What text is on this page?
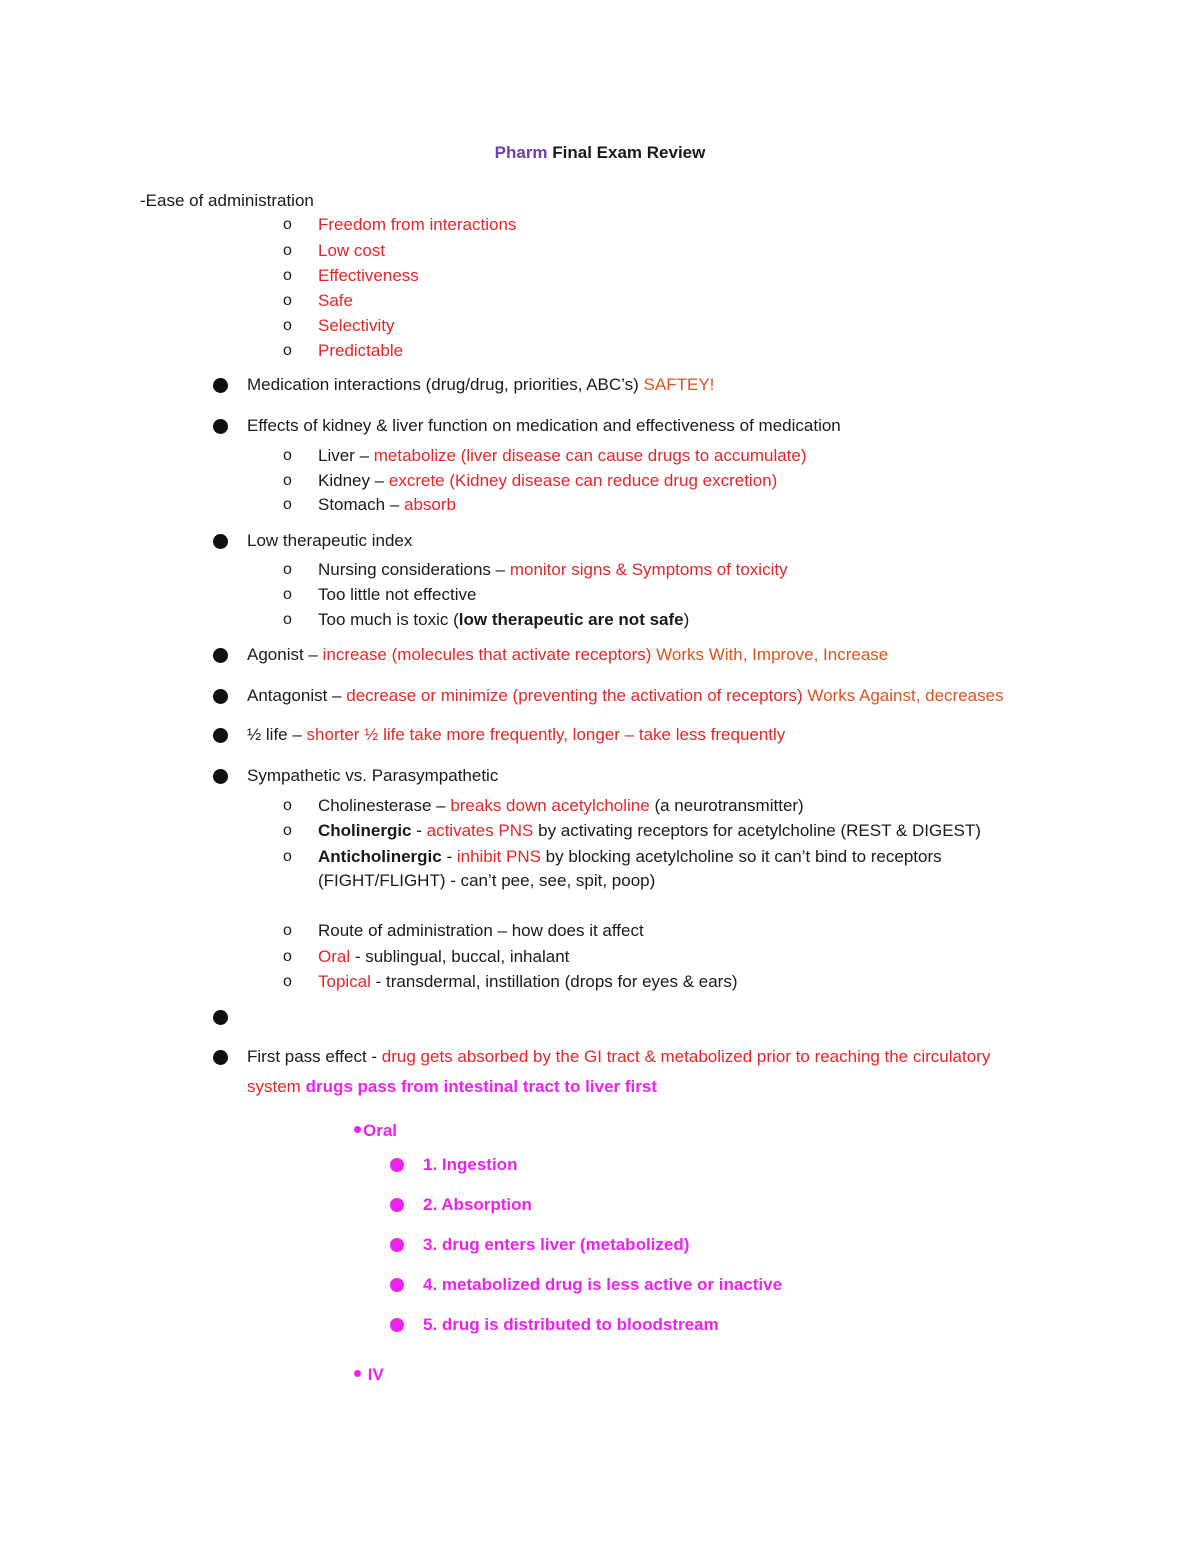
Pharm Final Exam Review
-Ease of administration
o Freedom from interactions
o Low cost
o Effectiveness
o Safe
o Selectivity
o Predictable
Medication interactions (drug/drug, priorities, ABC’s) SAFTEY!
Effects of kidney & liver function on medication and effectiveness of medication
o Liver – metabolize (liver disease can cause drugs to accumulate)
o Kidney – excrete (Kidney disease can reduce drug excretion)
o Stomach – absorb
Low therapeutic index
o Nursing considerations – monitor signs & Symptoms of toxicity
o Too little not effective
o Too much is toxic (low therapeutic are not safe)
Agonist – increase (molecules that activate receptors) Works With, Improve, Increase
Antagonist – decrease or minimize (preventing the activation of receptors) Works Against, decreases
½ life – shorter ½ life take more frequently, longer – take less frequently
Sympathetic vs. Parasympathetic
o Cholinesterase – breaks down acetylcholine (a neurotransmitter)
o Cholinergic - activates PNS by activating receptors for acetylcholine (REST & DIGEST)
o Anticholinergic - inhibit PNS by blocking acetylcholine so it can’t bind to receptors
(FIGHT/FLIGHT) - can’t pee, see, spit, poop)
o Route of administration – how does it affect
o Oral - sublingual, buccal, inhalant
o Topical - transdermal, instillation (drops for eyes & ears)
First pass effect - drug gets absorbed by the GI tract & metabolized prior to reaching the circulatory
system drugs pass from intestinal tract to liver first
Oral
1. Ingestion
2. Absorption
3. drug enters liver (metabolized)
4. metabolized drug is less active or inactive
5. drug is distributed to bloodstream
IV
